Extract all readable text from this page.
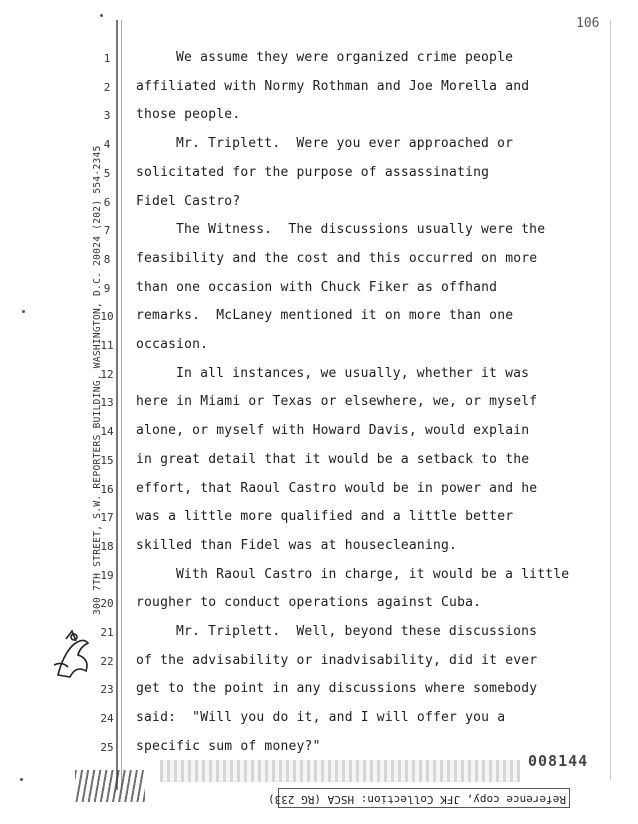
106
300 7TH STREET, S.W. REPORTERS BUILDING, WASHINGTON, D.C. 20024 (202) 554-2345
1	We assume they were organized crime people
2	affiliated with Normy Rothman and Joe Morella and
3	those people.
4	Mr. Triplett.  Were you ever approached or
5	solicitated for the purpose of assassinating
6	Fidel Castro?
7	The Witness.  The discussions usually were the
8	feasibility and the cost and this occurred on more
9	than one occasion with Chuck Fiker as offhand
10 remarks.  McLaney mentioned it on more than one
11 occasion.
12	In all instances, we usually, whether it was
13 here in Miami or Texas or elsewhere, we, or myself
14 alone, or myself with Howard Davis, would explain
15 in great detail that it would be a setback to the
16 effort, that Raoul Castro would be in power and he
17 was a little more qualified and a little better
18 skilled than Fidel was at housecleaning.
19	With Raoul Castro in charge, it would be a little
20 rougher to conduct operations against Cuba.
21	Mr. Triplett.  Well, beyond these discussions
22 of the advisability or inadvisability, did it ever
23 get to the point in any discussions where somebody
24 said:  "Will you do it, and I will offer you a
25 specific sum of money?"
008144
Reference copy, JFK Collection: HSCA (RG 233)
